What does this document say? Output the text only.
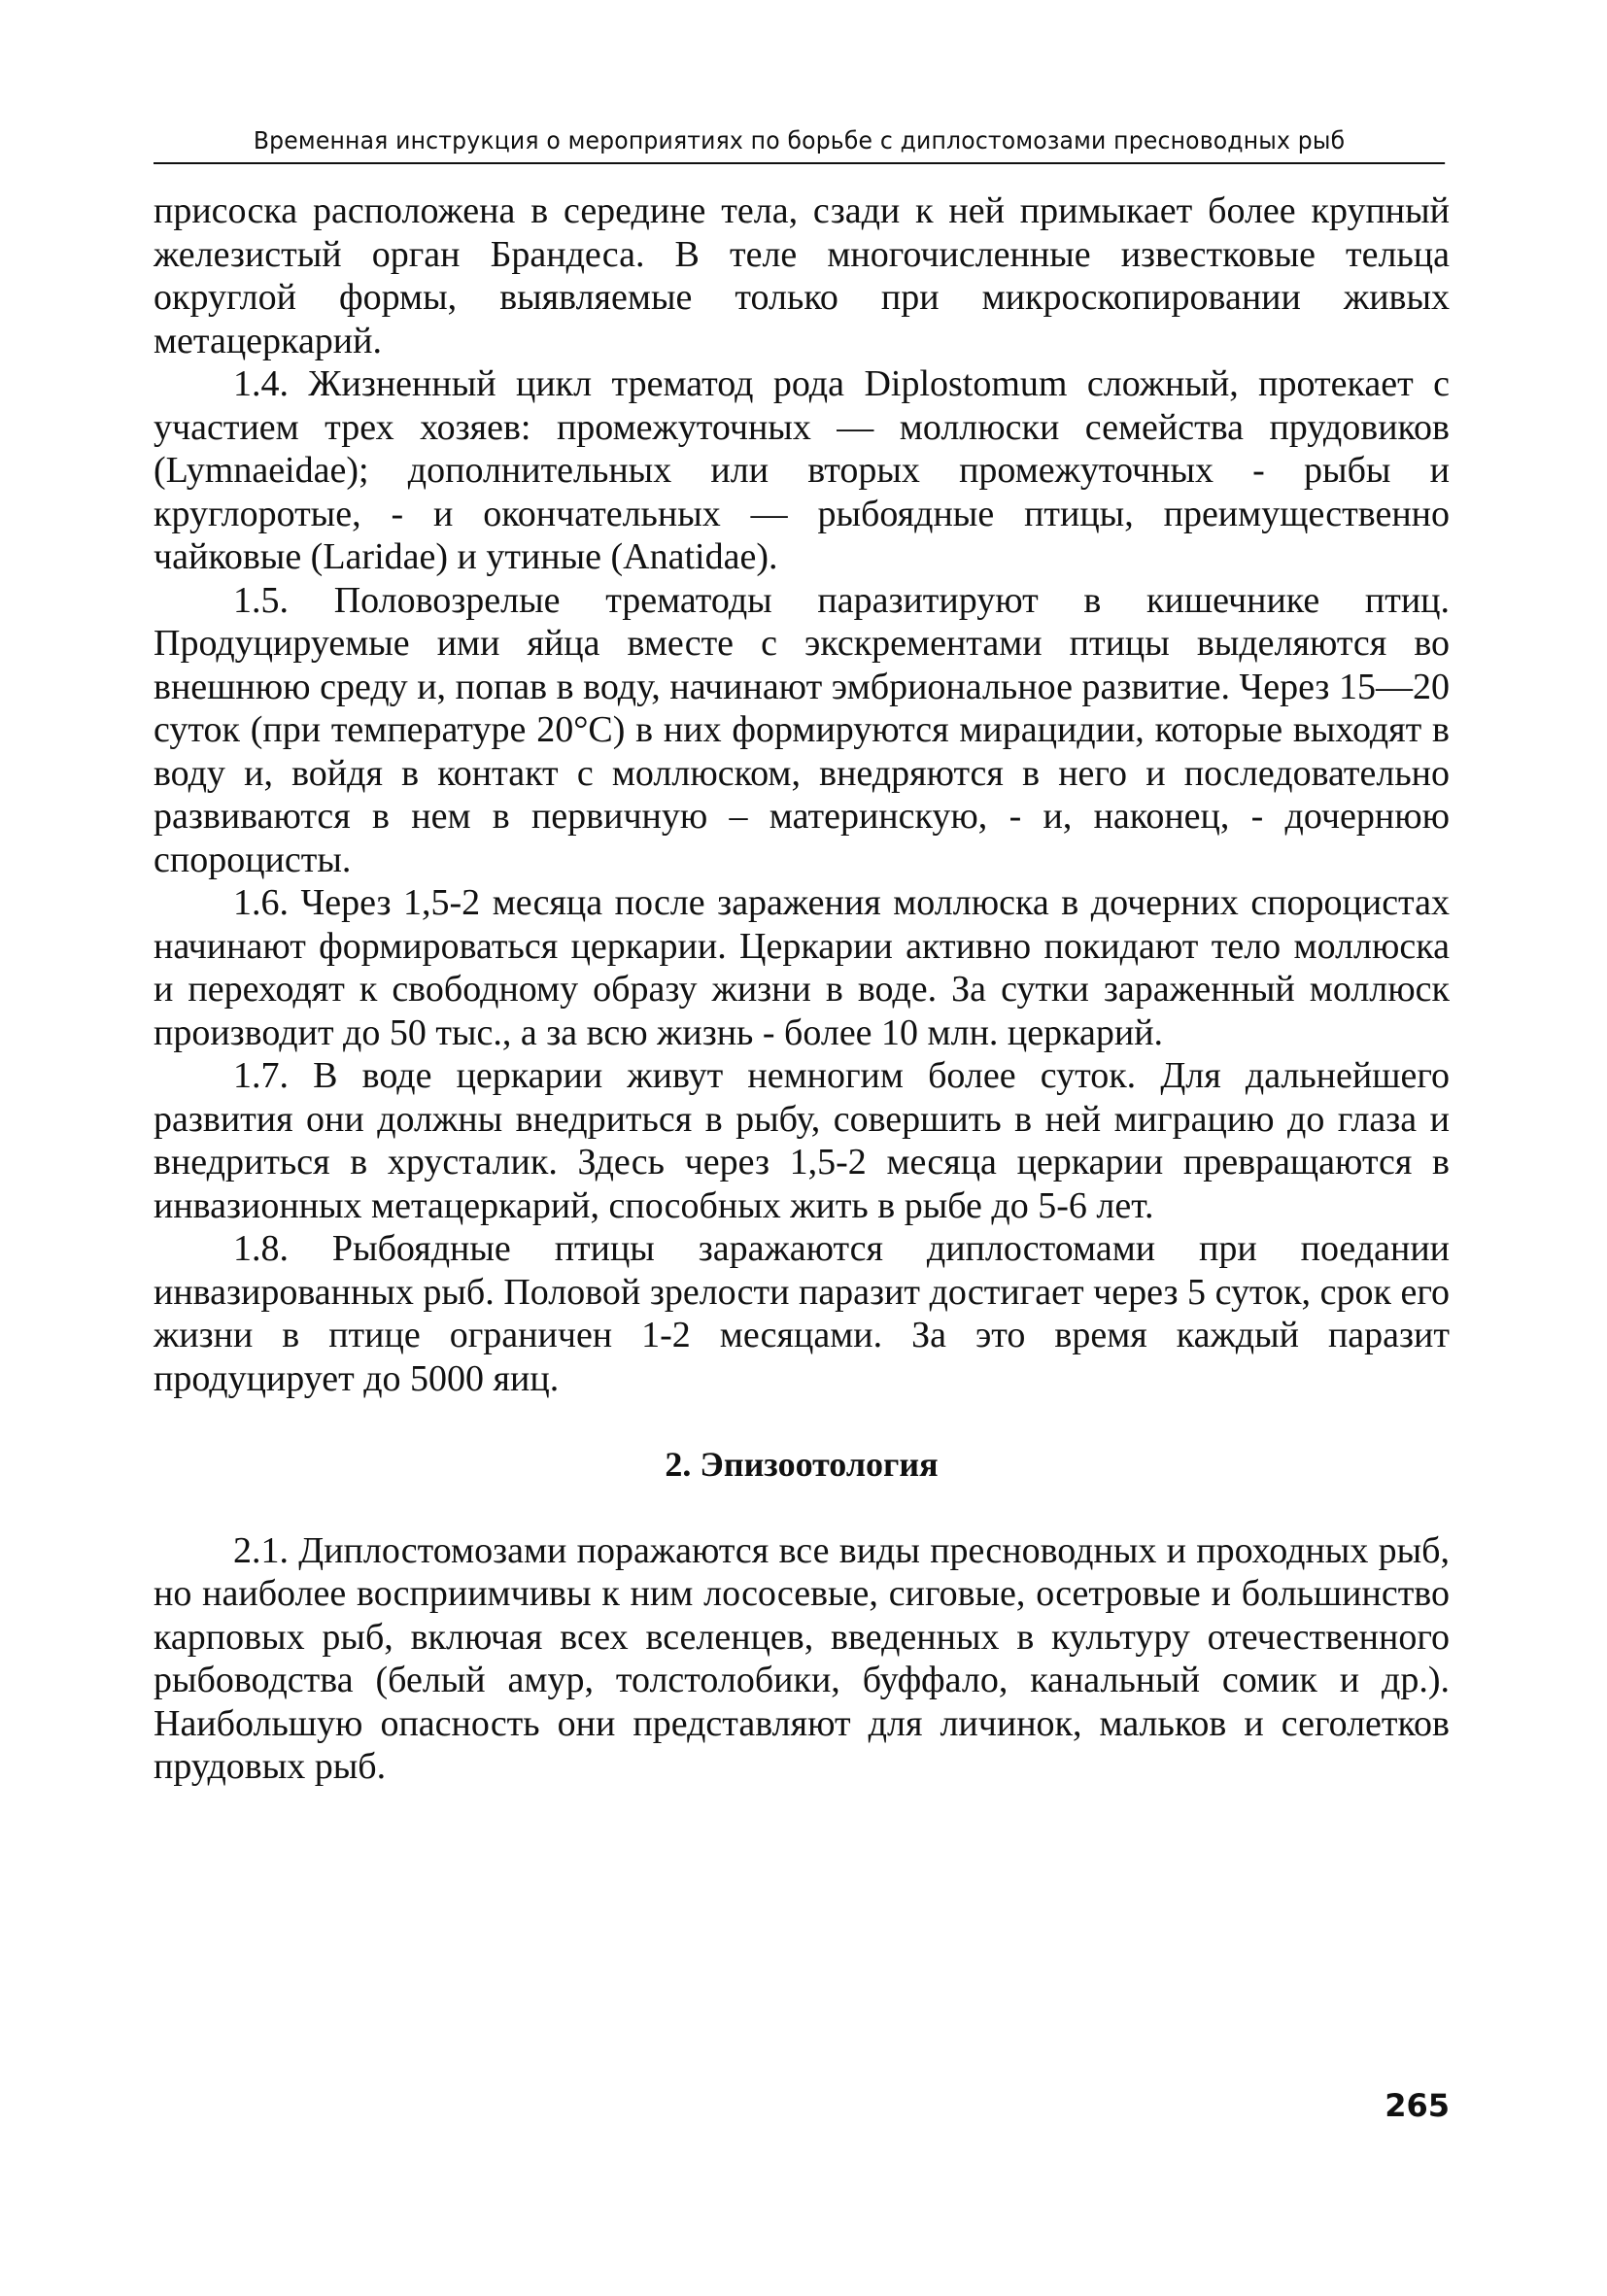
Временная инструкция о мероприятиях по борьбе с диплостомозами пресноводных рыб

присоска расположена в середине тела, сзади к ней примыкает более крупный железистый орган Брандеса. В теле многочисленные известковые тельца округлой формы, выявляемые только при микроскопировании живых метацеркарий.

1.4. Жизненный цикл трематод рода Diplostomum сложный, протекает с участием трех хозяев: промежуточных — моллюски семейства прудовиков (Lymnaeidae); дополнительных или вторых промежуточных - рыбы и круглоротые, - и окончательных — рыбоядные птицы, преимущественно чайковые (Laridae) и утиные (Anatidae).

1.5. Половозрелые трематоды паразитируют в кишечнике птиц. Продуцируемые ими яйца вместе с экскрементами птицы выделяются во внешнюю среду и, попав в воду, начинают эмбриональное развитие. Через 15—20 суток (при температуре 20°С) в них формируются мирацидии, которые выходят в воду и, войдя в контакт с моллюском, внедряются в него и последовательно развиваются в нем в первичную – материнскую, - и, наконец, - дочернюю спороцисты.

1.6. Через 1,5-2 месяца после заражения моллюска в дочерних спороцистах начинают формироваться церкарии. Церкарии активно покидают тело моллюска и переходят к свободному образу жизни в воде. За сутки зараженный моллюск производит до 50 тыс., а за всю жизнь - более 10 млн. церкарий.

1.7. В воде церкарии живут немногим более суток. Для дальнейшего развития они должны внедриться в рыбу, совершить в ней миграцию до глаза и внедриться в хрусталик. Здесь через 1,5-2 месяца церкарии превращаются в инвазионных метацеркарий, способных жить в рыбе до 5-6 лет.

1.8. Рыбоядные птицы заражаются диплостомами при поедании инвазированных рыб. Половой зрелости паразит достигает через 5 суток, срок его жизни в птице ограничен 1-2 месяцами. За это время каждый паразит продуцирует до 5000 яиц.

2. Эпизоотология

2.1. Диплостомозами поражаются все виды пресноводных и проходных рыб, но наиболее восприимчивы к ним лососевые, сиговые, осетровые и большинство карповых рыб, включая всех вселенцев, введенных в культуру отечественного рыбоводства (белый амур, толстолобики, буффало, канальный сомик и др.). Наибольшую опасность они представляют для личинок, мальков и сеголетков прудовых рыб.

265
